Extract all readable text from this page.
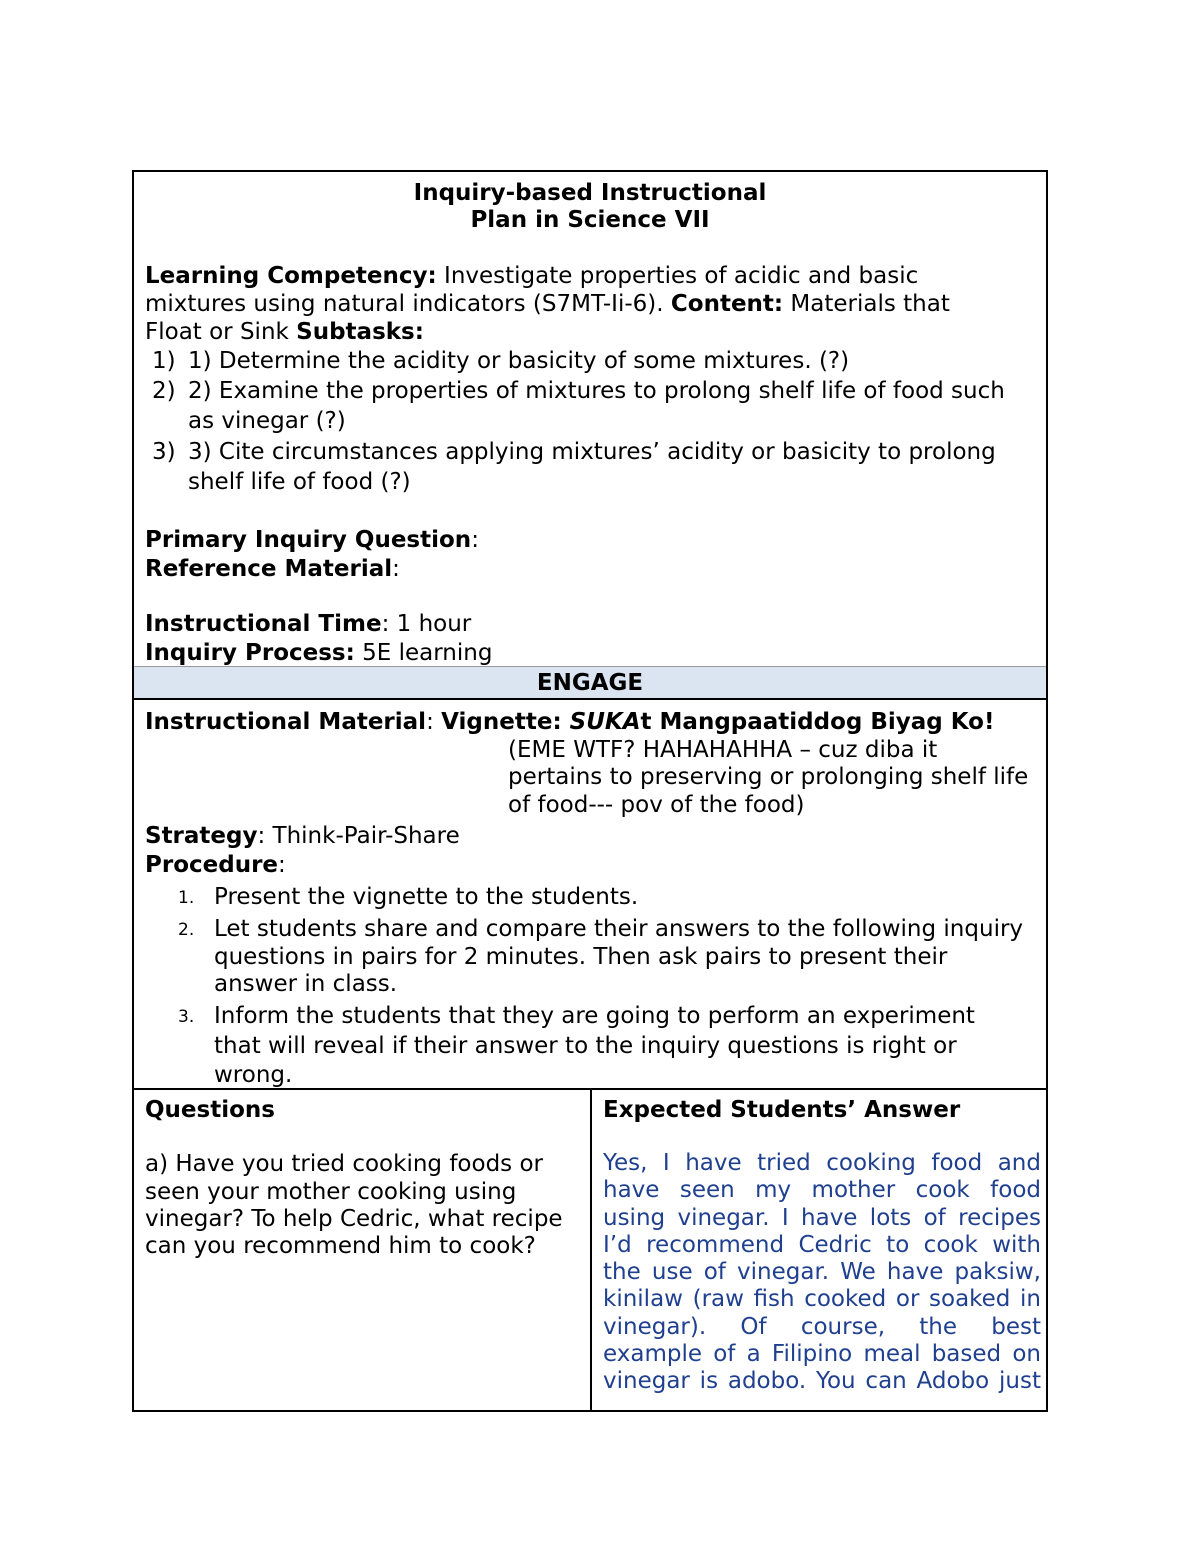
Inquiry-based Instructional
Plan in Science VII
Learning Competency: Investigate properties of acidic and basic
mixtures using natural indicators (S7MT-Ii-6). Content: Materials that
Float or Sink Subtasks:
1) 1) Determine the acidity or basicity of some mixtures. (?)
2) 2) Examine the properties of mixtures to prolong shelf life of food such
as vinegar (?)
3) 3) Cite circumstances applying mixtures’ acidity or basicity to prolong
shelf life of food (?)
Primary Inquiry Question:
Reference Material:
Instructional Time: 1 hour
Inquiry Process: 5E learning
ENGAGE
Instructional Material: Vignette: SUKAt Mangpaatiddog Biyag Ko!
(EME WTF? HAHAHAHHA – cuz diba it
pertains to preserving or prolonging shelf life
of food--- pov of the food)
Strategy: Think-Pair-Share
Procedure:
1. Present the vignette to the students.
2. Let students share and compare their answers to the following inquiry
questions in pairs for 2 minutes. Then ask pairs to present their
answer in class.
3. Inform the students that they are going to perform an experiment
that will reveal if their answer to the inquiry questions is right or
wrong.
Questions
a) Have you tried cooking foods or
seen your mother cooking using
vinegar? To help Cedric, what recipe
can you recommend him to cook?
Expected Students’ Answer
Yes, I have tried cooking food and
have seen my mother cook food
using vinegar. I have lots of recipes
I’d recommend Cedric to cook with
the use of vinegar. We have paksiw,
kinilaw (raw fish cooked or soaked in
vinegar). Of course, the best
example of a Filipino meal based on
vinegar is adobo. You can Adobo just
